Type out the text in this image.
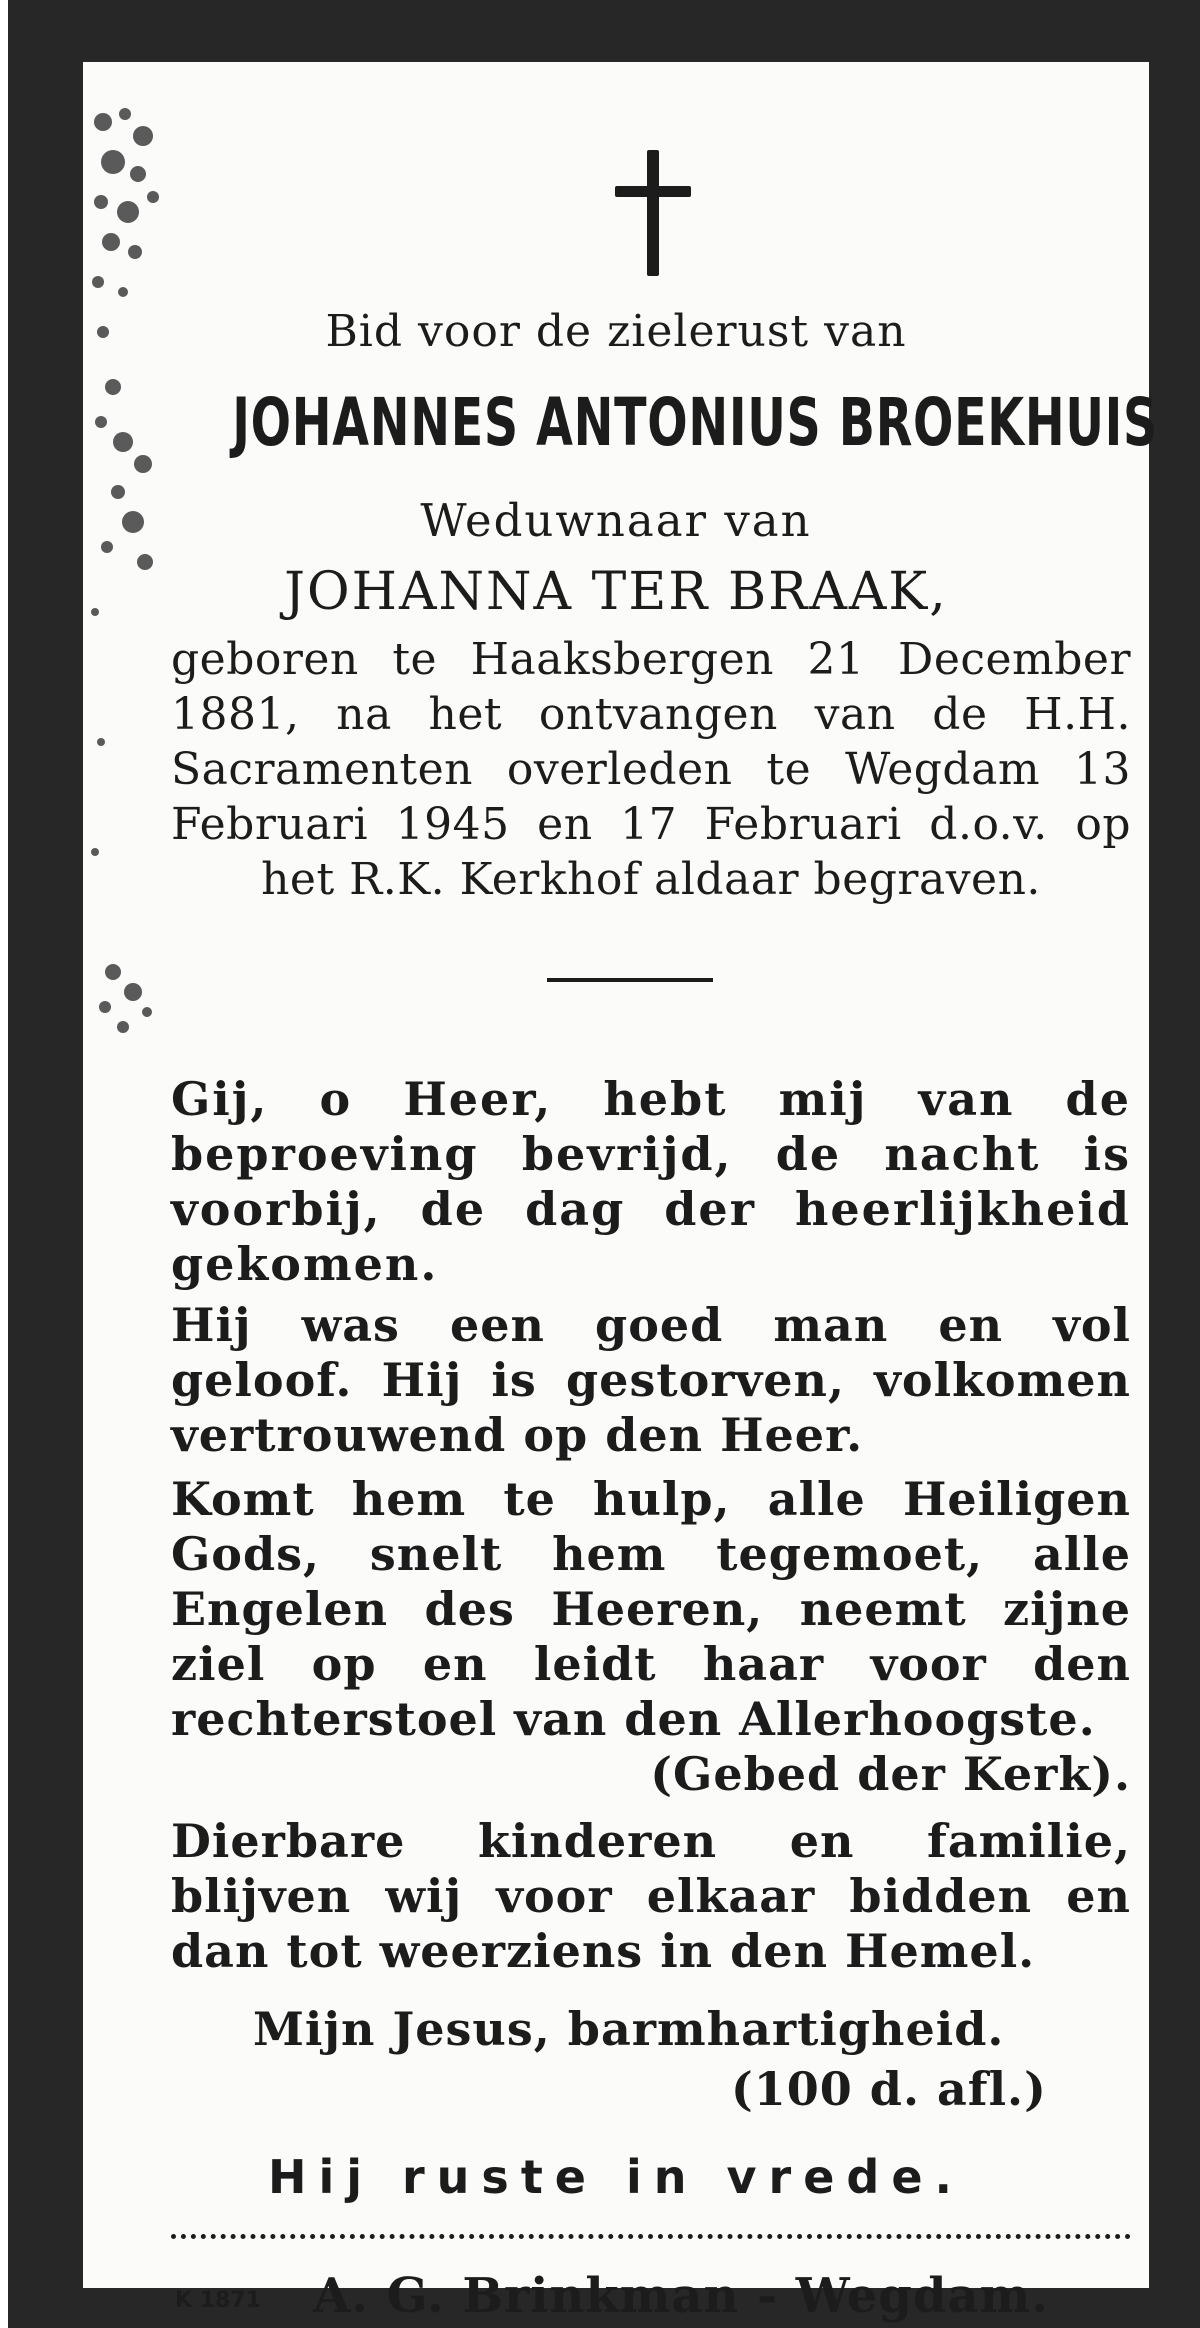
Bid voor de zielerust van
JOHANNES ANTONIUS BROEKHUIS
Weduwnaar van
JOHANNA TER BRAAK,
geboren te Haaksbergen 21 December 1881, na het ontvangen van de H.H. Sacramenten overleden te Wegdam 13 Februari 1945 en 17 Februari d.o.v. op het R.K. Kerkhof aldaar begraven.
Gij, o Heer, hebt mij van de beproeving bevrijd, de nacht is voorbij, de dag der heerlijkheid gekomen.
Hij was een goed man en vol geloof. Hij is gestorven, volkomen vertrouwend op den Heer.
Komt hem te hulp, alle Heiligen Gods, snelt hem tegemoet, alle Engelen des Heeren, neemt zijne ziel op en leidt haar voor den rechterstoel van den Allerhoogste.
(Gebed der Kerk).
Dierbare kinderen en familie, blijven wij voor elkaar bidden en dan tot weerziens in den Hemel.
Mijn Jesus, barmhartigheid.
(100 d. afl.)
Hij ruste in vrede.
K 1871 A. G. Brinkman - Wegdam.
